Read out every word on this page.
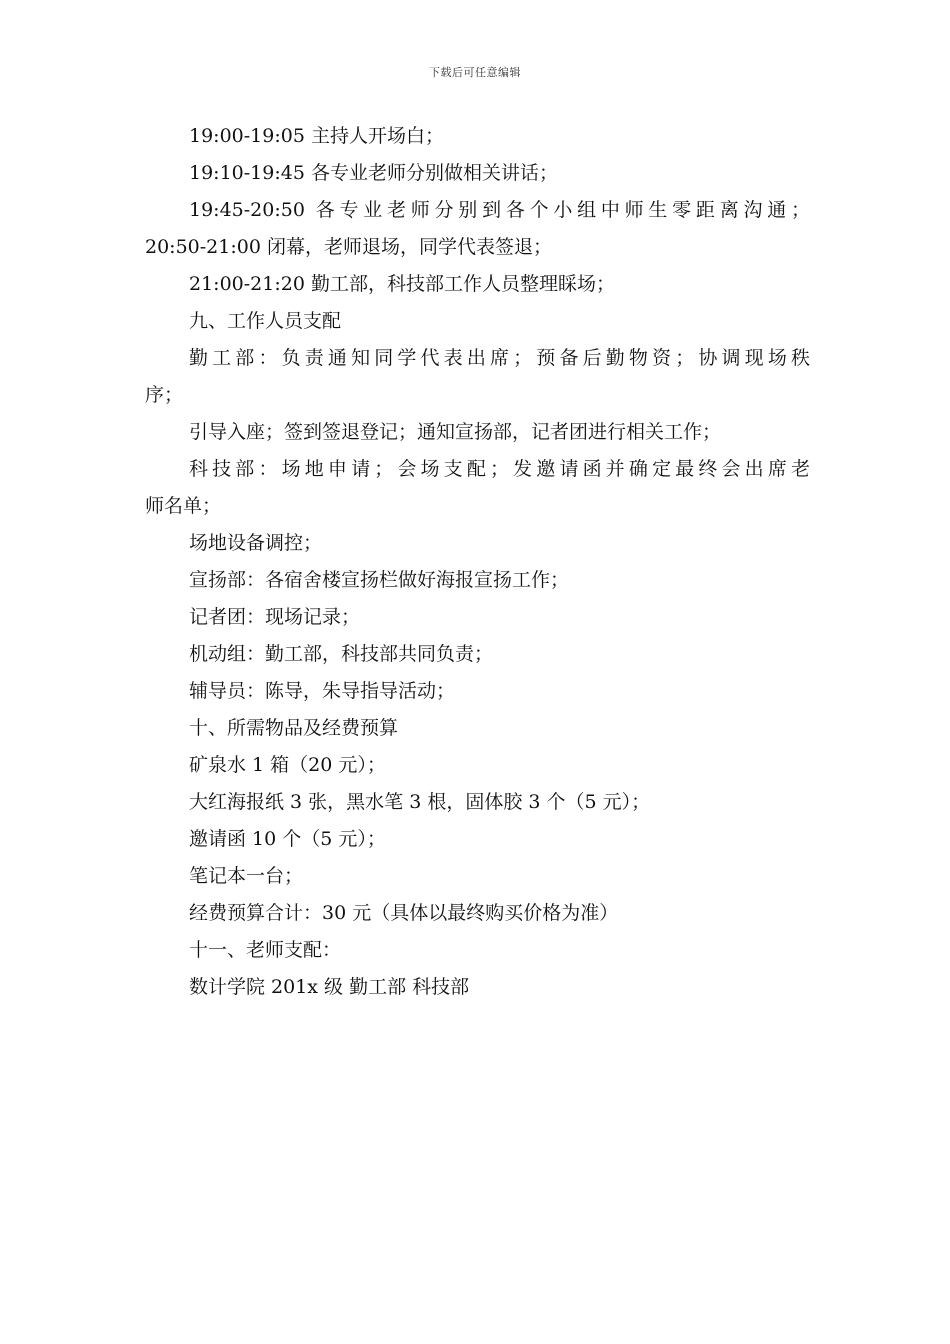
下载后可任意编辑
19:00-19:05 主持人开场白；
19:10-19:45 各专业老师分别做相关讲话；
19:45-20:50 各专业老师分别到各个小组中师生零距离沟通；
20:50-21:00 闭幕，老师退场，同学代表签退；
21:00-21:20 勤工部，科技部工作人员整理睬场；
九、工作人员支配
勤工部：负责通知同学代表出席；预备后勤物资；协调现场秩
序；
引导入座；签到签退登记；通知宣扬部，记者团进行相关工作；
科技部：场地申请；会场支配；发邀请函并确定最终会出席老
师名单；
场地设备调控；
宣扬部：各宿舍楼宣扬栏做好海报宣扬工作；
记者团：现场记录；
机动组：勤工部，科技部共同负责；
辅导员：陈导，朱导指导活动；
十、所需物品及经费预算
矿泉水 1 箱（20 元）；
大红海报纸 3 张，黑水笔 3 根，固体胶 3 个（5 元）；
邀请函 10 个（5 元）；
笔记本一台；
经费预算合计：30 元（具体以最终购买价格为准）
十一、老师支配：
数计学院 201x 级 勤工部 科技部
